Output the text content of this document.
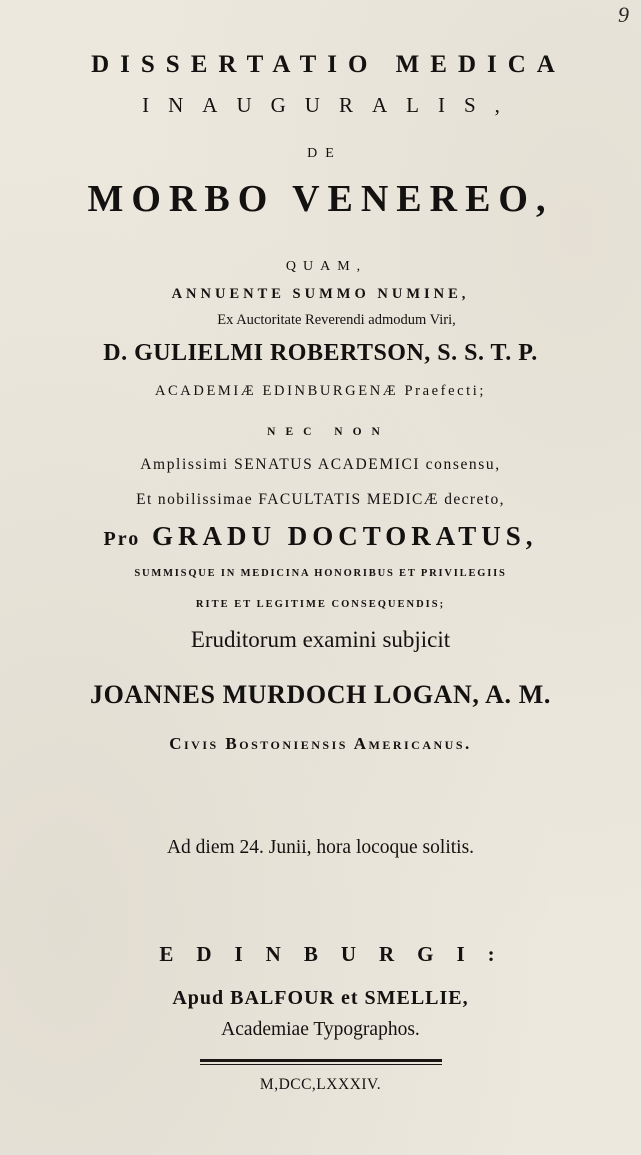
9
DISSERTATIO MEDICA
INAUGURALIS,
DE
MORBO VENEREO,
QUAM,
ANNUENTE SUMMO NUMINE,
Ex Auctoritate Reverendi admodum Viri,
D. GULIELMI ROBERTSON, S. S. T. P.
ACADEMIÆ EDINBURGENÆ Praefecti;
NEC NON
Amplissimi SENATUS ACADEMICI consensu,
Et nobilissimae FACULTATIS MEDICÆ decreto,
Pro GRADU DOCTORATUS,
SUMMISQUE IN MEDICINA HONORIBUS ET PRIVILEGIIS
RITE ET LEGITIME CONSEQUENDIS;
Eruditorum examini subjicit
JOANNES MURDOCH LOGAN, A. M.
Civis Bostoniensis Americanus.
Ad diem 24. Junii, hora locoque solitis.
EDINBURGI:
Apud BALFOUR et SMELLIE,
Academiae Typographos.
M,DCC,LXXXIV.
